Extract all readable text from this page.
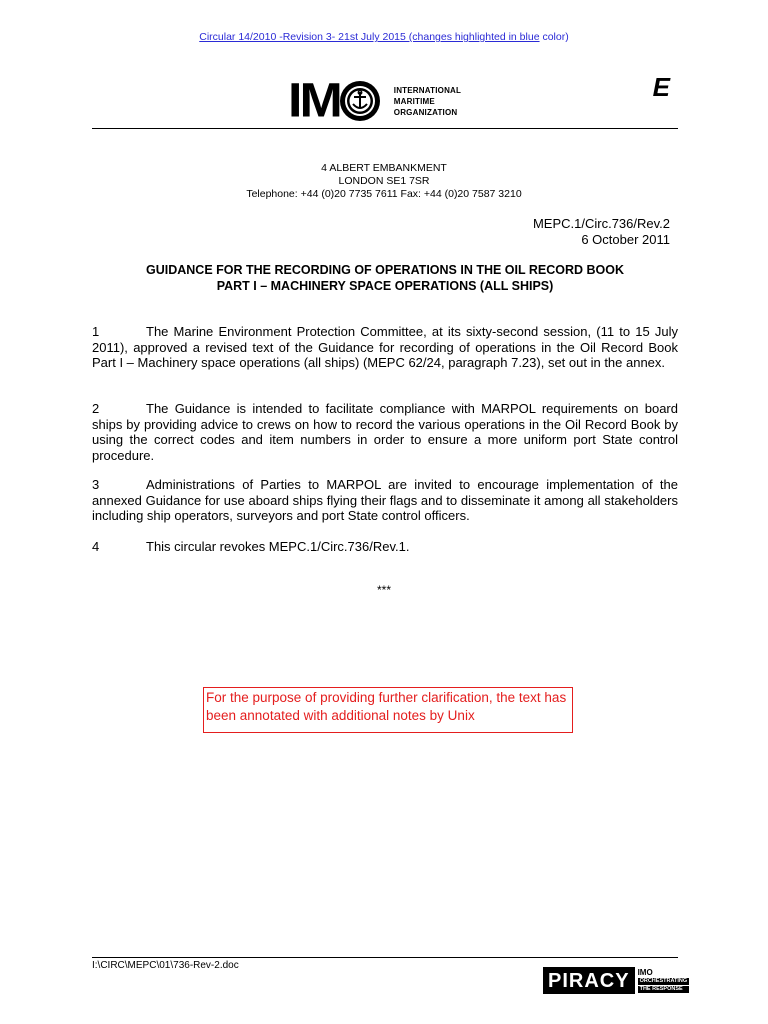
Circular 14/2010 -Revision 3- 21st July 2015 (changes highlighted in blue color)
I M	INTERNATIONAL
MARITIME
ORGANIZATION
E
4 ALBERT EMBANKMENT
LONDON SE1 7SR
Telephone: +44 (0)20 7735 7611 Fax: +44 (0)20 7587 3210
MEPC.1/Circ.736/Rev.2
6 October 2011
GUIDANCE FOR THE RECORDING OF OPERATIONS IN THE OIL RECORD BOOK
PART I – MACHINERY SPACE OPERATIONS (ALL SHIPS)
1	The Marine Environment Protection Committee, at its sixty-second session, (11 to 15 July 2011), approved a revised text of the Guidance for recording of operations in the Oil Record Book Part I – Machinery space operations (all ships) (MEPC 62/24, paragraph 7.23), set out in the annex.
2	The Guidance is intended to facilitate compliance with MARPOL requirements on board ships by providing advice to crews on how to record the various operations in the Oil Record Book by using the correct codes and item numbers in order to ensure a more uniform port State control procedure.
3	Administrations of Parties to MARPOL are invited to encourage implementation of the annexed Guidance for use aboard ships flying their flags and to disseminate it among all stakeholders including ship operators, surveyors and port State control officers.
4	This circular revokes MEPC.1/Circ.736/Rev.1.
***
For the purpose of providing further clarification, the text has been annotated with additional notes by Unix
I:\CIRC\MEPC\01\736-Rev-2.doc
PIRACY	IMO
ORCHESTRATING
THE RESPONSE
